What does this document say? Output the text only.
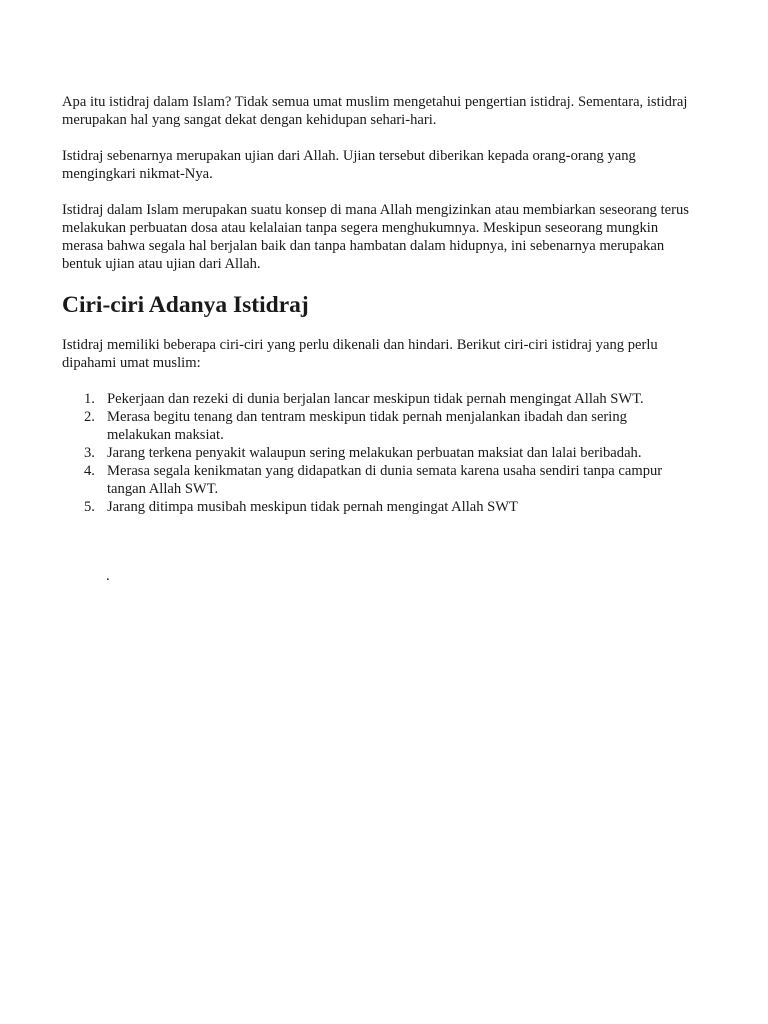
Apa itu istidraj dalam Islam? Tidak semua umat muslim mengetahui pengertian istidraj. Sementara, istidraj merupakan hal yang sangat dekat dengan kehidupan sehari-hari.

Istidraj sebenarnya merupakan ujian dari Allah. Ujian tersebut diberikan kepada orang-orang yang mengingkari nikmat-Nya.

Istidraj dalam Islam merupakan suatu konsep di mana Allah mengizinkan atau membiarkan seseorang terus melakukan perbuatan dosa atau kelalaian tanpa segera menghukumnya. Meskipun seseorang mungkin merasa bahwa segala hal berjalan baik dan tanpa hambatan dalam hidupnya, ini sebenarnya merupakan bentuk ujian atau ujian dari Allah.

Ciri-ciri Adanya Istidraj

Istidraj memiliki beberapa ciri-ciri yang perlu dikenali dan hindari. Berikut ciri-ciri istidraj yang perlu dipahami umat muslim:

1. Pekerjaan dan rezeki di dunia berjalan lancar meskipun tidak pernah mengingat Allah SWT.
2. Merasa begitu tenang dan tentram meskipun tidak pernah menjalankan ibadah dan sering melakukan maksiat.
3. Jarang terkena penyakit walaupun sering melakukan perbuatan maksiat dan lalai beribadah.
4. Merasa segala kenikmatan yang didapatkan di dunia semata karena usaha sendiri tanpa campur tangan Allah SWT.
5. Jarang ditimpa musibah meskipun tidak pernah mengingat Allah SWT
.
